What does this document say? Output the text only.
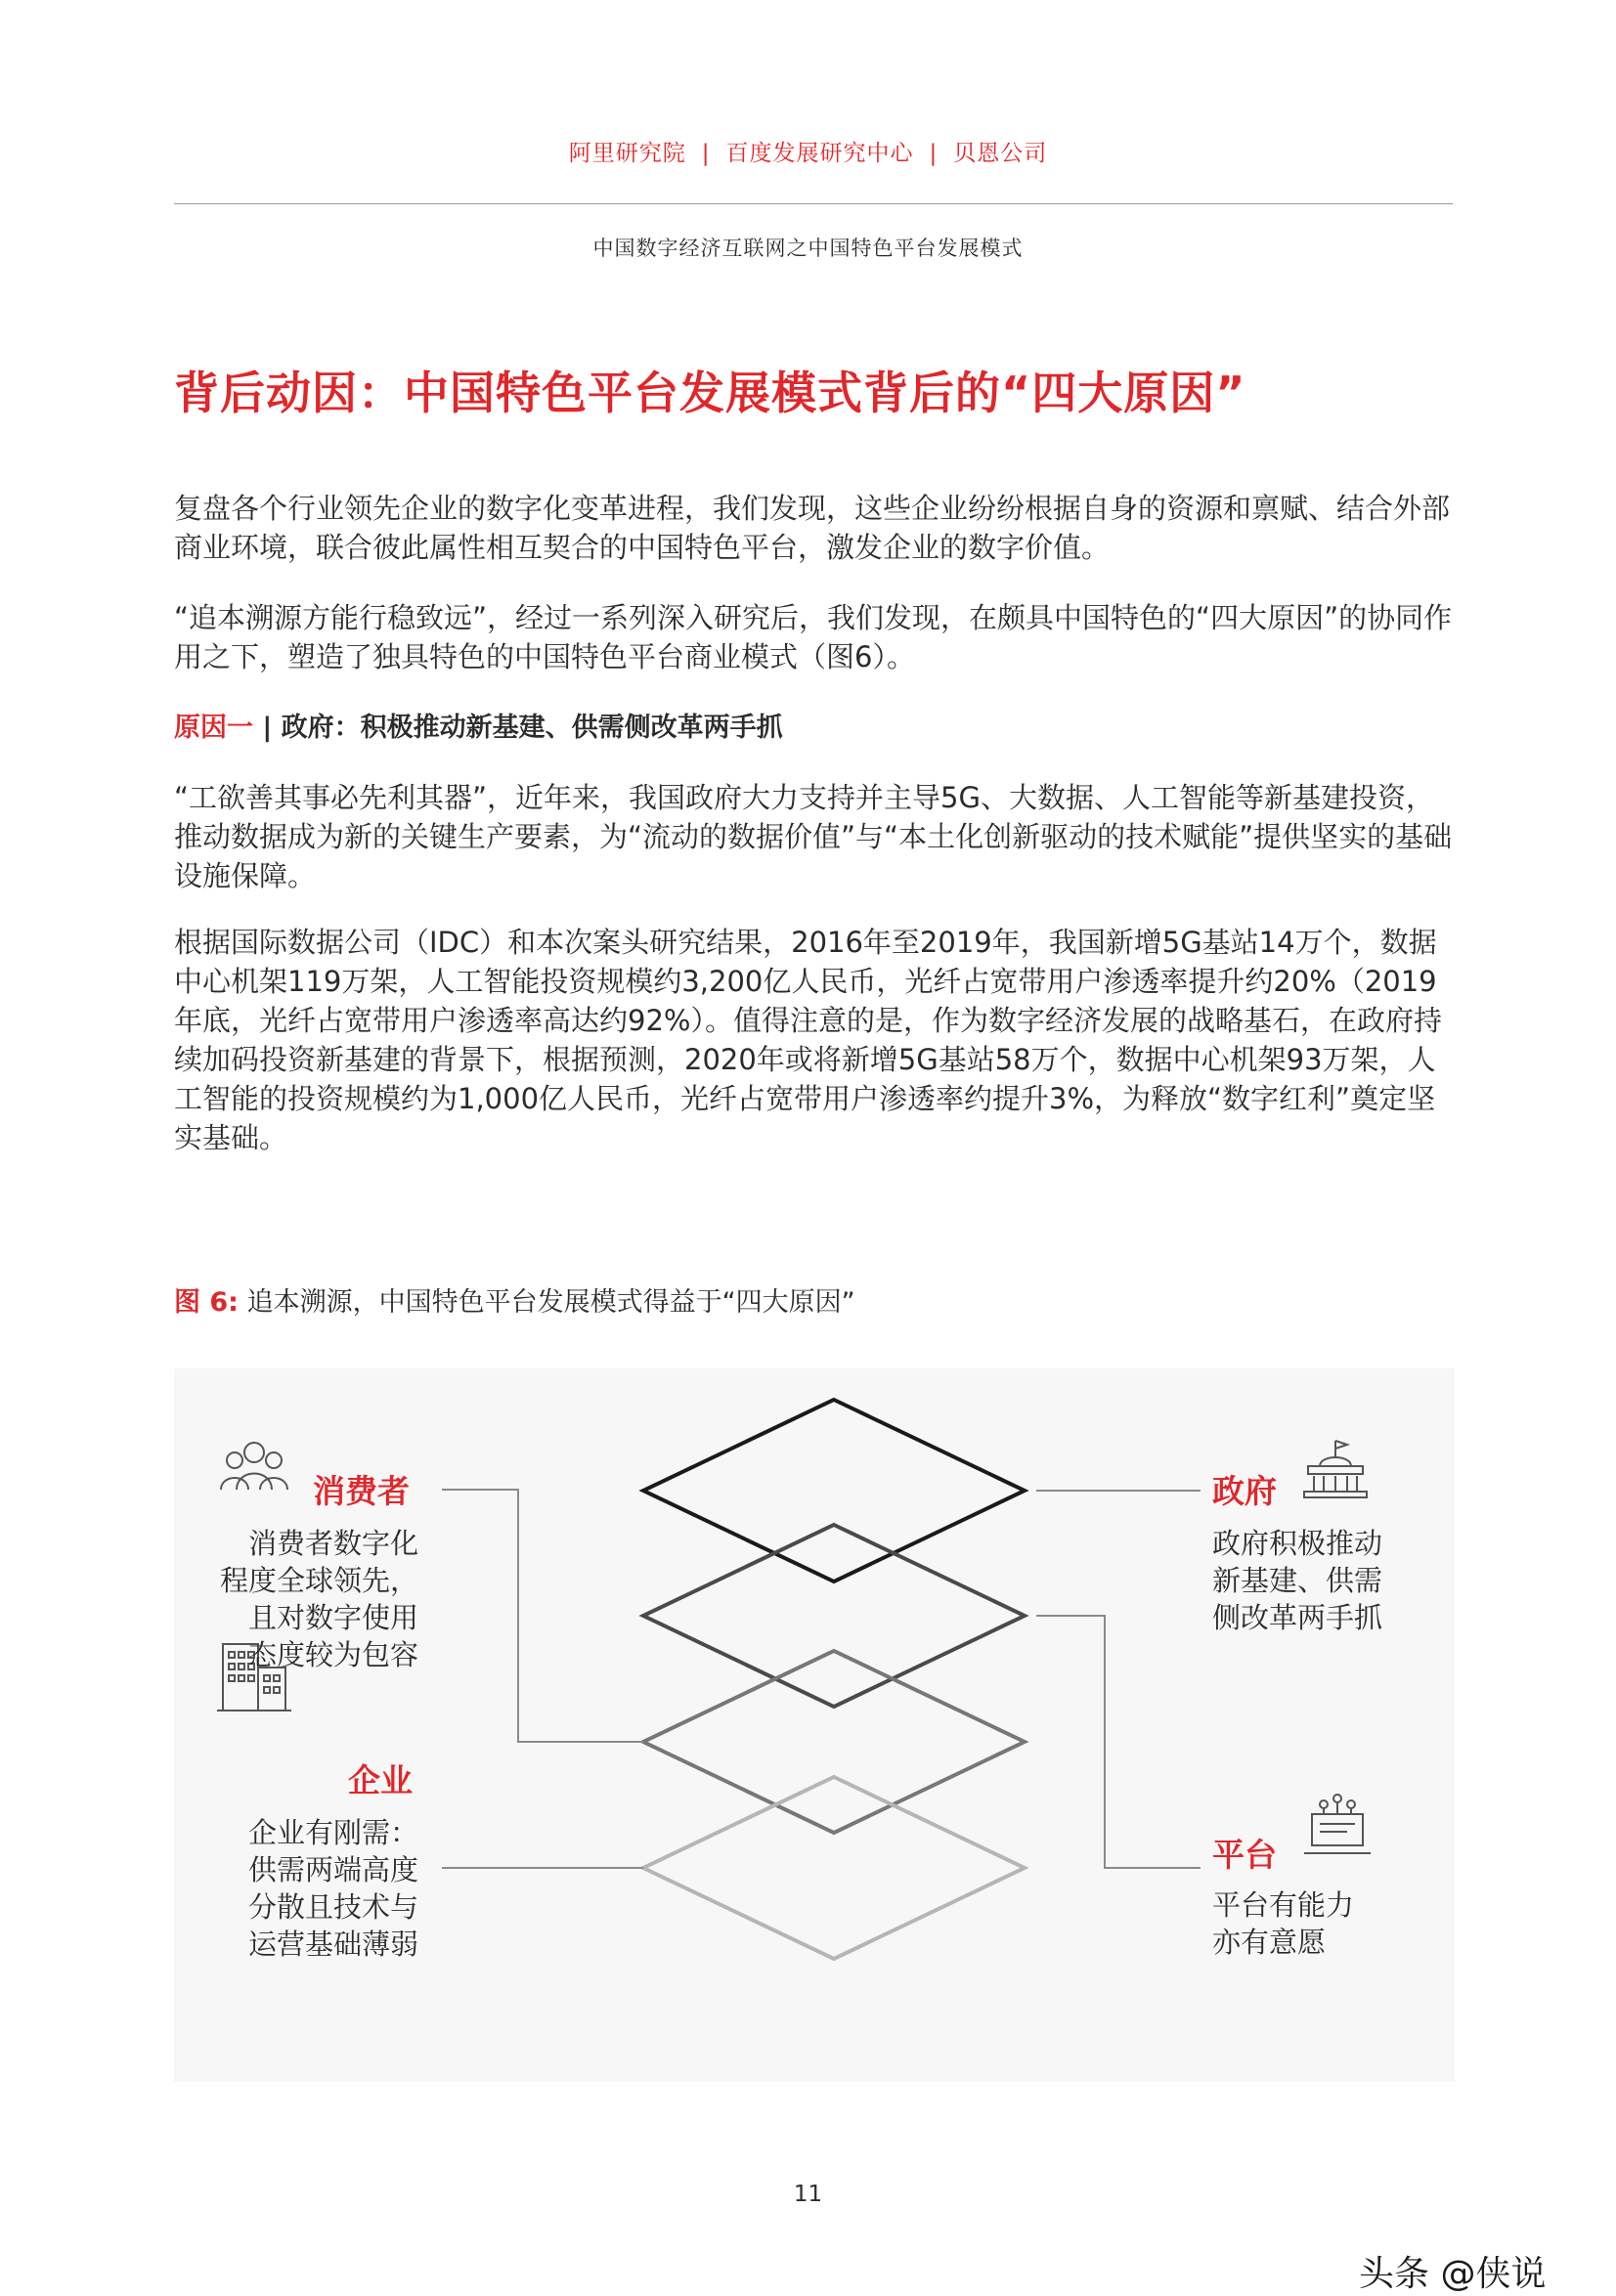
阿里研究院 | 百度发展研究中心 | 贝恩公司
中国数字经济互联网之中国特色平台发展模式
背后动因：中国特色平台发展模式背后的“四大原因”

复盘各个行业领先企业的数字化变革进程，我们发现，这些企业纷纷根据自身的资源和禀赋、结合外部商业环境，联合彼此属性相互契合的中国特色平台，激发企业的数字价值。

“追本溯源方能行稳致远”，经过一系列深入研究后，我们发现，在颇具中国特色的“四大原因”的协同作用之下，塑造了独具特色的中国特色平台商业模式（图6）。

原因一 | 政府：积极推动新基建、供需侧改革两手抓

“工欲善其事必先利其器”，近年来，我国政府大力支持并主导5G、大数据、人工智能等新基建投资，推动数据成为新的关键生产要素，为“流动的数据价值”与“本土化创新驱动的技术赋能”提供坚实的基础设施保障。

根据国际数据公司（IDC）和本次案头研究结果，2016年至2019年，我国新增5G基站14万个，数据中心机架119万架，人工智能投资规模约3,200亿人民币，光纤占宽带用户渗透率提升约20%（2019年底，光纤占宽带用户渗透率高达约92%）。值得注意的是，作为数字经济发展的战略基石，在政府持续加码投资新基建的背景下，根据预测，2020年或将新增5G基站58万个，数据中心机架93万架，人工智能的投资规模约为1,000亿人民币，光纤占宽带用户渗透率约提升3%，为释放“数字红利”奠定坚实基础。

图 6: 追本溯源，中国特色平台发展模式得益于“四大原因”
消费者
消费者数字化
程度全球领先，
且对数字使用
态度较为包容
企业
企业有刚需：
供需两端高度
分散且技术与
运营基础薄弱
政府
政府积极推动
新基建、供需
侧改革两手抓
平台
平台有能力
亦有意愿
11
头条 @侠说
